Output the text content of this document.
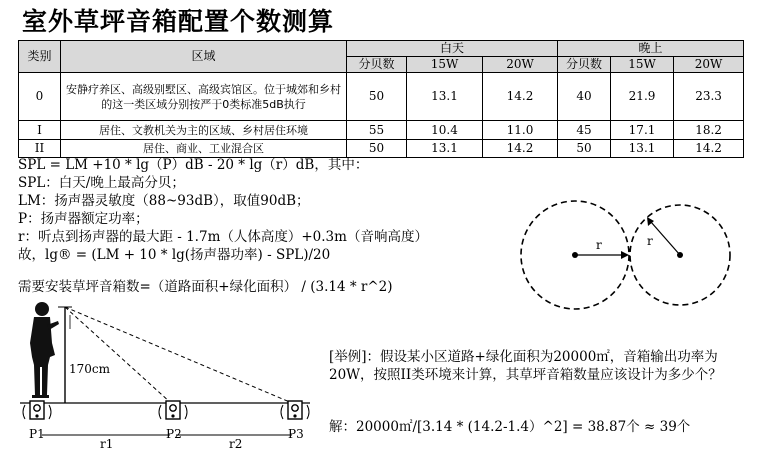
室外草坪音箱配置个数测算
类别	区域	白天			晚上		
		分贝数	15W	20W	分贝数	15W	20W
0	安静疗养区、高级别墅区、高级宾馆区。位于城郊和乡村的这一类区域分别按严于0类标准5dB执行	50	13.1	14.2	40	21.9	23.3
I	居住、文教机关为主的区域、乡村居住环境	55	10.4	11.0	45	17.1	18.2
II	居住、商业、工业混合区	50	13.1	14.2	50	13.1	14.2
SPL = LM +10 * lg（P）dB - 20 * lg（r）dB，其中：
SPL：白天/晚上最高分贝；
LM：扬声器灵敏度（88~93dB），取值90dB；
P：扬声器额定功率；
r：听点到扬声器的最大距 - 1.7m（人体高度）+0.3m（音响高度）
故，lg® = (LM + 10 * lg(扬声器功率) - SPL)/20
需要安装草坪音箱数=（道路面积+绿化面积） / (3.14 * r^2)
r	r
170cm
P1	P2	P3
r1	r2
[举例]：假设某小区道路+绿化面积为20000㎡，音箱输出功率为20W，按照II类环境来计算，其草坪音箱数量应该设计为多少个？
解：20000㎡/[3.14 * (14.2-1.4）^2] = 38.87个 ≈ 39个
